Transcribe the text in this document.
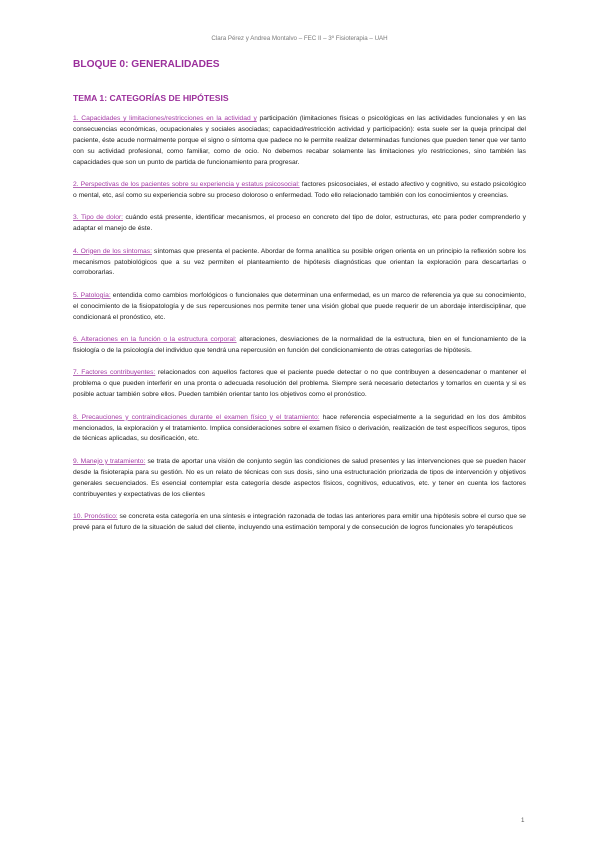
Clara Pérez y Andrea Montalvo – FEC II – 3º Fisioterapia – UAH
BLOQUE 0: GENERALIDADES
TEMA 1: CATEGORÍAS DE HIPÓTESIS

1. Capacidades y limitaciones/restricciones en la actividad y participación (limitaciones físicas o psicológicas en las actividades funcionales y en las consecuencias económicas, ocupacionales y sociales asociadas; capacidad/restricción actividad y participación): esta suele ser la queja principal del paciente, éste acude normalmente porque el signo o síntoma que padece no le permite realizar determinadas funciones que pueden tener que ver tanto con su actividad profesional, como familiar, como de ocio. No debemos recabar solamente las limitaciones y/o restricciones, sino también las capacidades que son un punto de partida de funcionamiento para progresar.

2. Perspectivas de los pacientes sobre su experiencia y estatus psicosocial: factores psicosociales, el estado afectivo y cognitivo, su estado psicológico o mental, etc, así como su experiencia sobre su proceso doloroso o enfermedad. Todo ello relacionado también con los conocimientos y creencias.

3. Tipo de dolor: cuándo está presente, identificar mecanismos, el proceso en concreto del tipo de dolor, estructuras, etc para poder comprenderlo y adaptar el manejo de éste.

4. Origen de los síntomas: síntomas que presenta el paciente. Abordar de forma analítica su posible origen orienta en un principio la reflexión sobre los mecanismos patobiológicos que a su vez permiten el planteamiento de hipótesis diagnósticas que orientan la exploración para descartarlas o corroborarlas.

5. Patología: entendida como cambios morfológicos o funcionales que determinan una enfermedad, es un marco de referencia ya que su conocimiento, el conocimiento de la fisiopatología y de sus repercusiones nos permite tener una visión global que puede requerir de un abordaje interdisciplinar, que condicionará el pronóstico, etc.

6. Alteraciones en la función o la estructura corporal: alteraciones, desviaciones de la normalidad de la estructura, bien en el funcionamiento de la fisiología o de la psicología del individuo que tendrá una repercusión en función del condicionamiento de otras categorías de hipótesis.

7. Factores contribuyentes: relacionados con aquellos factores que el paciente puede detectar o no que contribuyen a desencadenar o mantener el problema o que pueden interferir en una pronta o adecuada resolución del problema. Siempre será necesario detectarlos y tomarlos en cuenta y si es posible actuar también sobre ellos. Pueden también orientar tanto los objetivos como el pronóstico.

8. Precauciones y contraindicaciones durante el examen físico y el tratamiento: hace referencia especialmente a la seguridad en los dos ámbitos mencionados, la exploración y el tratamiento. Implica consideraciones sobre el examen físico o derivación, realización de test específicos seguros, tipos de técnicas aplicadas, su dosificación, etc.

9. Manejo y tratamiento: se trata de aportar una visión de conjunto según las condiciones de salud presentes y las intervenciones que se pueden hacer desde la fisioterapia para su gestión. No es un relato de técnicas con sus dosis, sino una estructuración priorizada de tipos de intervención y objetivos generales secuenciados. Es esencial contemplar esta categoría desde aspectos físicos, cognitivos, educativos, etc. y tener en cuenta los factores contribuyentes y expectativas de los clientes

10. Pronóstico: se concreta esta categoría en una síntesis e integración razonada de todas las anteriores para emitir una hipótesis sobre el curso que se prevé para el futuro de la situación de salud del cliente, incluyendo una estimación temporal y de consecución de logros funcionales y/o terapéuticos

1
